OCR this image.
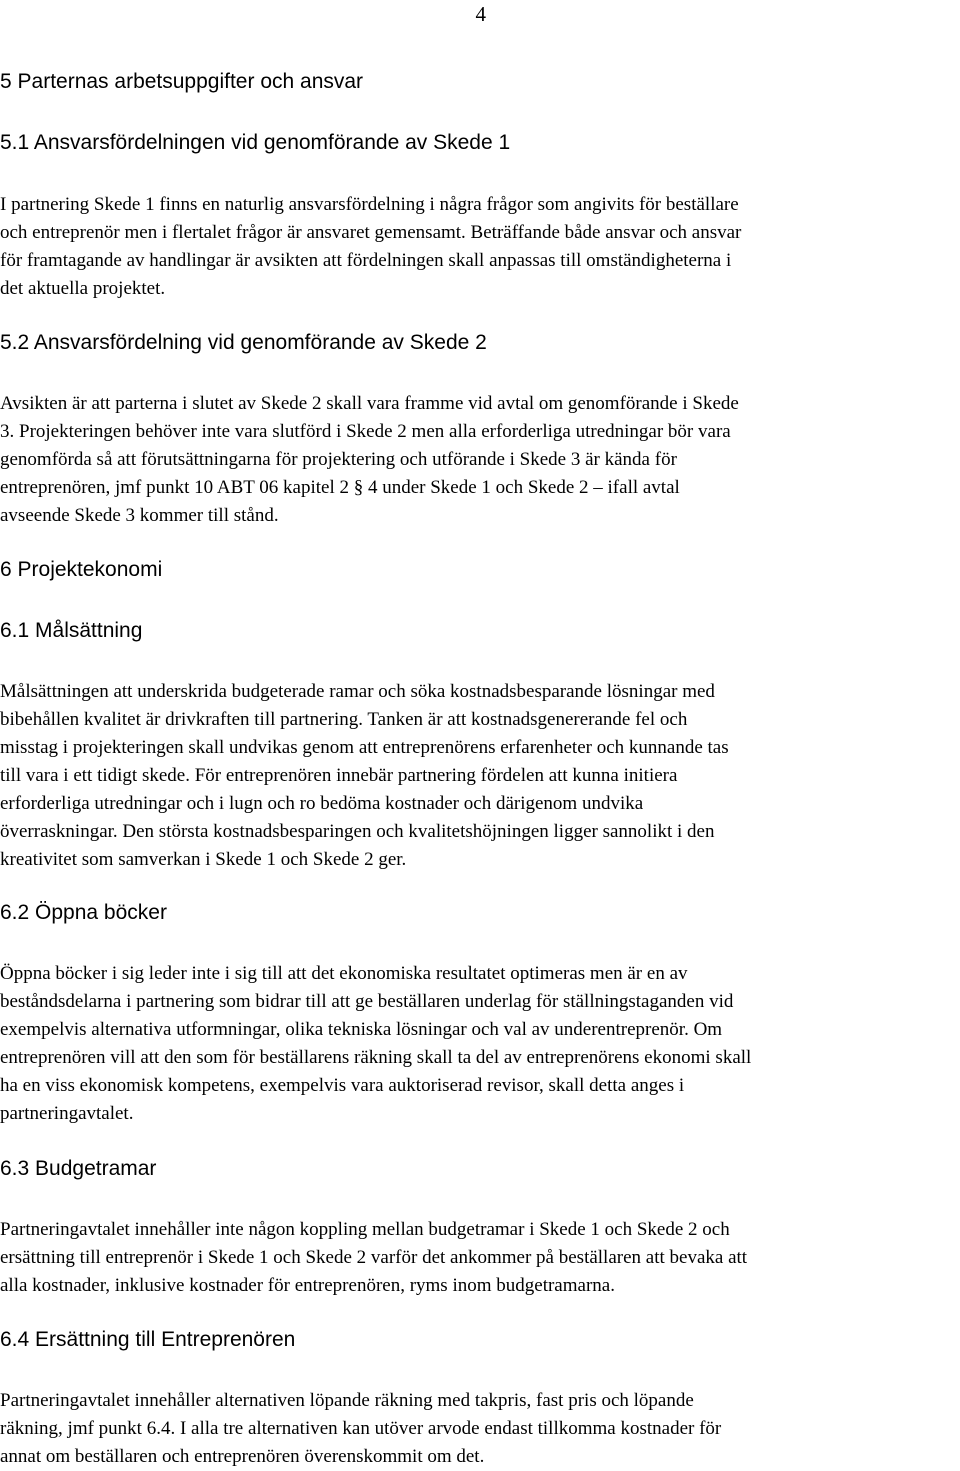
4
5 Parternas arbetsuppgifter och ansvar
5.1 Ansvarsfördelningen vid genomförande av Skede 1
I partnering Skede 1 finns en naturlig ansvarsfördelning i några frågor som angivits för beställare
och entreprenör men i flertalet frågor är ansvaret gemensamt. Beträffande både ansvar och ansvar
för framtagande av handlingar är avsikten att fördelningen skall anpassas till omständigheterna i
det aktuella projektet.
5.2 Ansvarsfördelning vid genomförande av Skede 2
Avsikten är att parterna i slutet av Skede 2 skall vara framme vid avtal om genomförande i Skede
3. Projekteringen behöver inte vara slutförd i Skede 2 men alla erforderliga utredningar bör vara
genomförda så att förutsättningarna för projektering och utförande i Skede 3 är kända för
entreprenören, jmf punkt 10 ABT 06 kapitel 2 § 4 under Skede 1 och Skede 2 – ifall avtal
avseende Skede 3 kommer till stånd.
6 Projektekonomi
6.1 Målsättning
Målsättningen att underskrida budgeterade ramar och söka kostnadsbesparande lösningar med
bibehållen kvalitet är drivkraften till partnering. Tanken är att kostnadsgenererande fel och
misstag i projekteringen skall undvikas genom att entreprenörens erfarenheter och kunnande tas
till vara i ett tidigt skede. För entreprenören innebär partnering fördelen att kunna initiera
erforderliga utredningar och i lugn och ro bedöma kostnader och därigenom undvika
överraskningar. Den största kostnadsbesparingen och kvalitetshöjningen ligger sannolikt i den
kreativitet som samverkan i Skede 1 och Skede 2 ger.
6.2 Öppna böcker
Öppna böcker i sig leder inte i sig till att det ekonomiska resultatet optimeras men är en av
beståndsdelarna i partnering som bidrar till att ge beställaren underlag för ställningstaganden vid
exempelvis alternativa utformningar, olika tekniska lösningar och val av underentreprenör. Om
entreprenören vill att den som för beställarens räkning skall ta del av entreprenörens ekonomi skall
ha en viss ekonomisk kompetens, exempelvis vara auktoriserad revisor, skall detta anges i
partneringavtalet.
6.3 Budgetramar
Partneringavtalet innehåller inte någon koppling mellan budgetramar i Skede 1 och Skede 2 och
ersättning till entreprenör i Skede 1 och Skede 2 varför det ankommer på beställaren att bevaka att
alla kostnader, inklusive kostnader för entreprenören, ryms inom budgetramarna.
6.4 Ersättning till Entreprenören
Partneringavtalet innehåller alternativen löpande räkning med takpris, fast pris och löpande
räkning, jmf punkt 6.4. I alla tre alternativen kan utöver arvode endast tillkomma kostnader för
annat om beställaren och entreprenören överenskommit om det.
